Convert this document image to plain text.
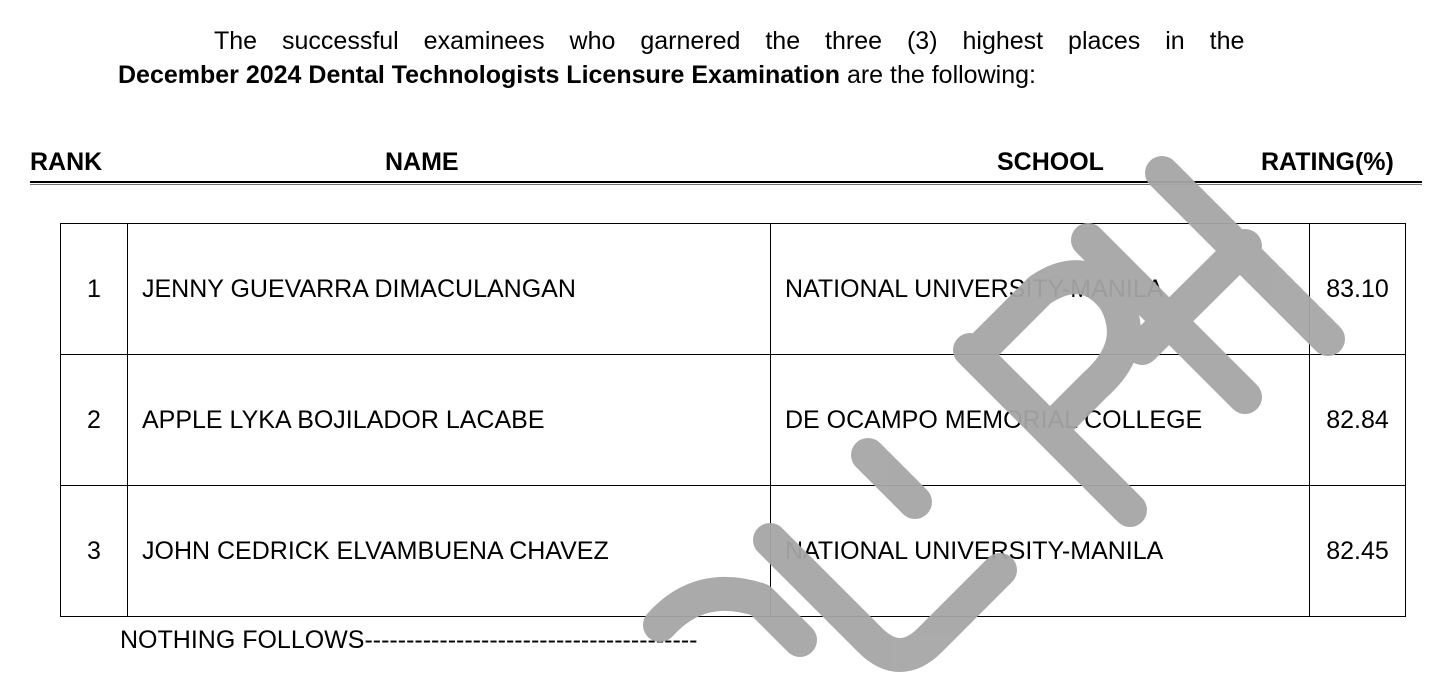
The successful examinees who garnered the three (3) highest places in the
December 2024 Dental Technologists Licensure Examination are the following:
RANK	NAME	SCHOOL	RATING(%)
1	JENNY GUEVARRA DIMACULANGAN	NATIONAL UNIVERSITY-MANILA	83.10
2	APPLE LYKA BOJILADOR LACABE	DE OCAMPO MEMORIAL COLLEGE	82.84
3	JOHN CEDRICK ELVAMBUENA CHAVEZ	NATIONAL UNIVERSITY-MANILA	82.45
NOTHING FOLLOWS----------------------------------------
